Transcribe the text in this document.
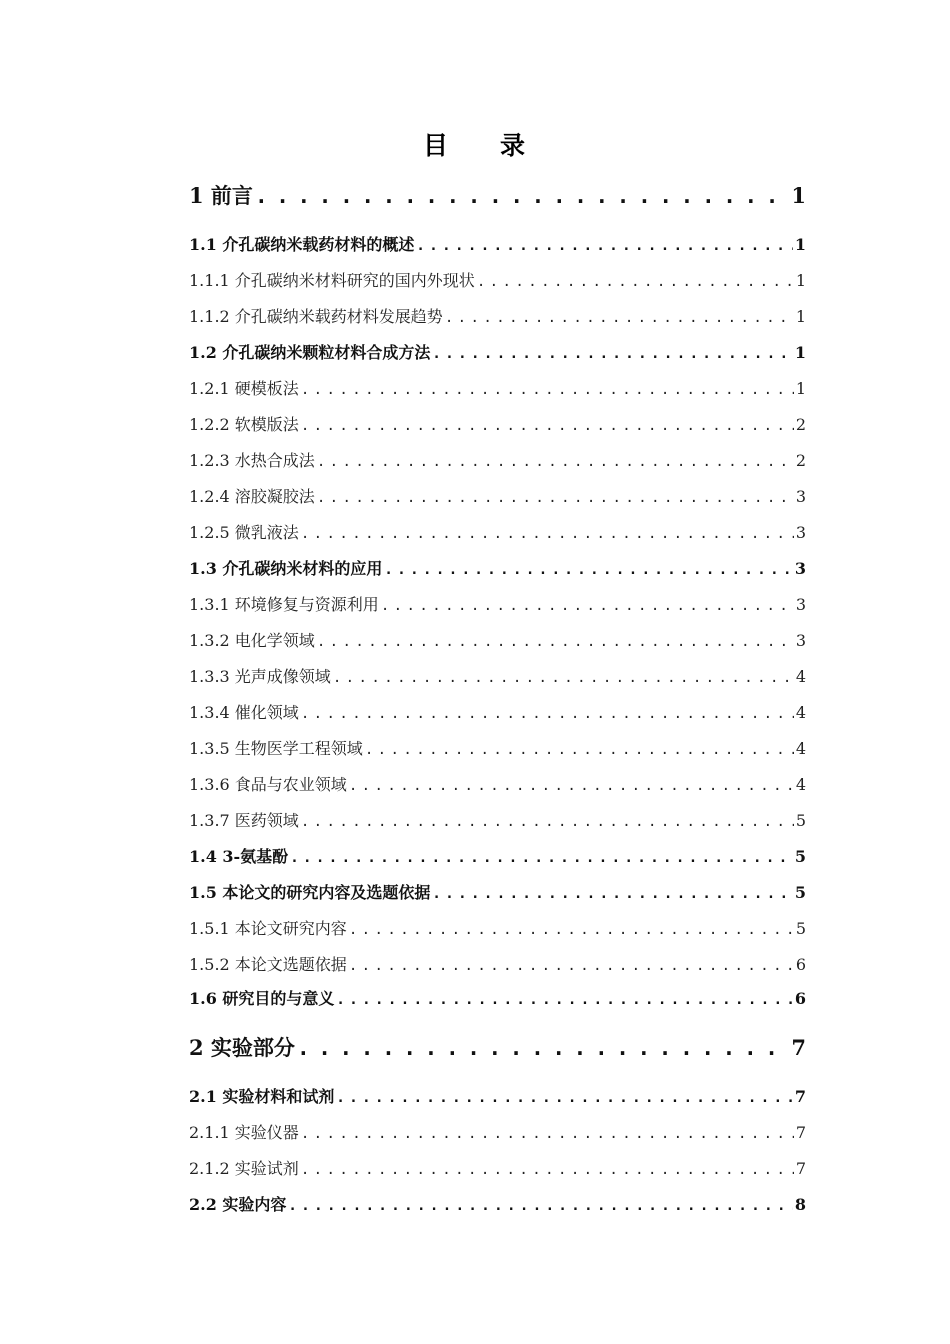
目 录
1 前言 . . .	1
1.1 介孔碳纳米载药材料的概述 . . .	1
1.1.1 介孔碳纳米材料研究的国内外现状 . . .	1
1.1.2 介孔碳纳米载药材料发展趋势 . . .	1
1.2 介孔碳纳米颗粒材料合成方法 . . .	1
1.2.1 硬模板法 . . .	1
1.2.2 软模版法 . . .	2
1.2.3 水热合成法 . . .	2
1.2.4 溶胶凝胶法 . . .	3
1.2.5 微乳液法 . . .	3
1.3 介孔碳纳米材料的应用 . . .	3
1.3.1 环境修复与资源利用 . . .	3
1.3.2 电化学领域 . . .	3
1.3.3 光声成像领域 . . .	4
1.3.4 催化领域 . . .	4
1.3.5 生物医学工程领域 . . .	4
1.3.6 食品与农业领域 . . .	4
1.3.7 医药领域 . . .	5
1.4 3-氨基酚 . . .	5
1.5 本论文的研究内容及选题依据 . . .	5
1.5.1 本论文研究内容 . . .	5
1.5.2 本论文选题依据 . . .	6
1.6 研究目的与意义 . . .	6
2 实验部分 . . .	7
2.1 实验材料和试剂 . . .	7
2.1.1 实验仪器 . . .	7
2.1.2 实验试剂 . . .	7
2.2 实验内容 . . .	8
